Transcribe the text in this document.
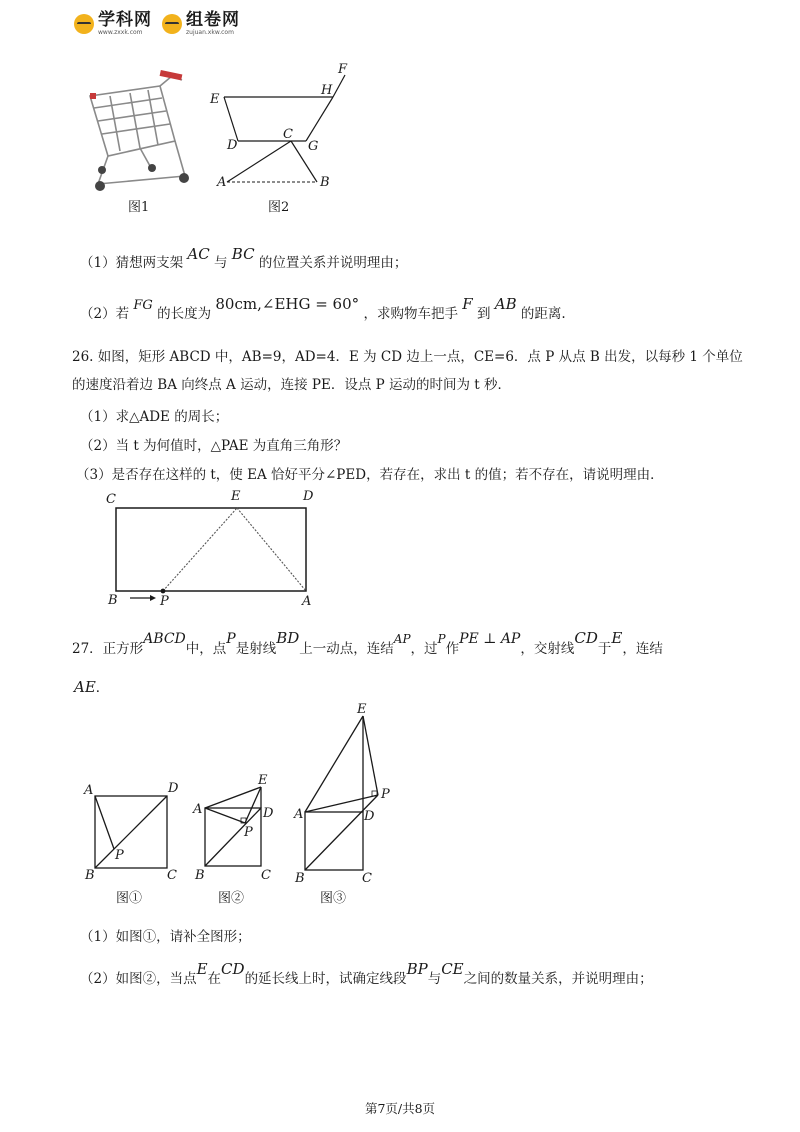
学科网
www.zxxk.com
组卷网
zujuan.xkw.com
图1
E
H
F
D
C
G
A	B
图2
（1）猜想两支架 AC 与 BC 的位置关系并说明理由；
（2）若 FG 的长度为 80cm,∠EHG = 60° ，求购物车把手 F 到 AB 的距离.
26. 如图，矩形 ABCD 中，AB=9，AD=4．E 为 CD 边上一点，CE=6．点 P 从点 B 出发，以每秒 1 个单位
的速度沿着边 BA 向终点 A 运动，连接 PE．设点 P 运动的时间为 t 秒．
（1）求△ADE 的周长；
（2）当 t 为何值时，△PAE 为直角三角形？
（3）是否存在这样的 t，使 EA 恰好平分∠PED，若存在，求出 t 的值；若不存在，请说明理由．
C	E	D
B	P	A
27．正方形ABCD中，点P是射线BD上一动点，连结AP，过P作PE ⊥ AP，交射线CD于E，连结
AE．
A	D
P
B	C
图①
A
E
D
P
B	C
图②
E
P
A	D
B	C
图③
（1）如图①，请补全图形；
（2）如图②，当点E在CD的延长线上时，试确定线段BP与CE之间的数量关系，并说明理由；
第7页/共8页
